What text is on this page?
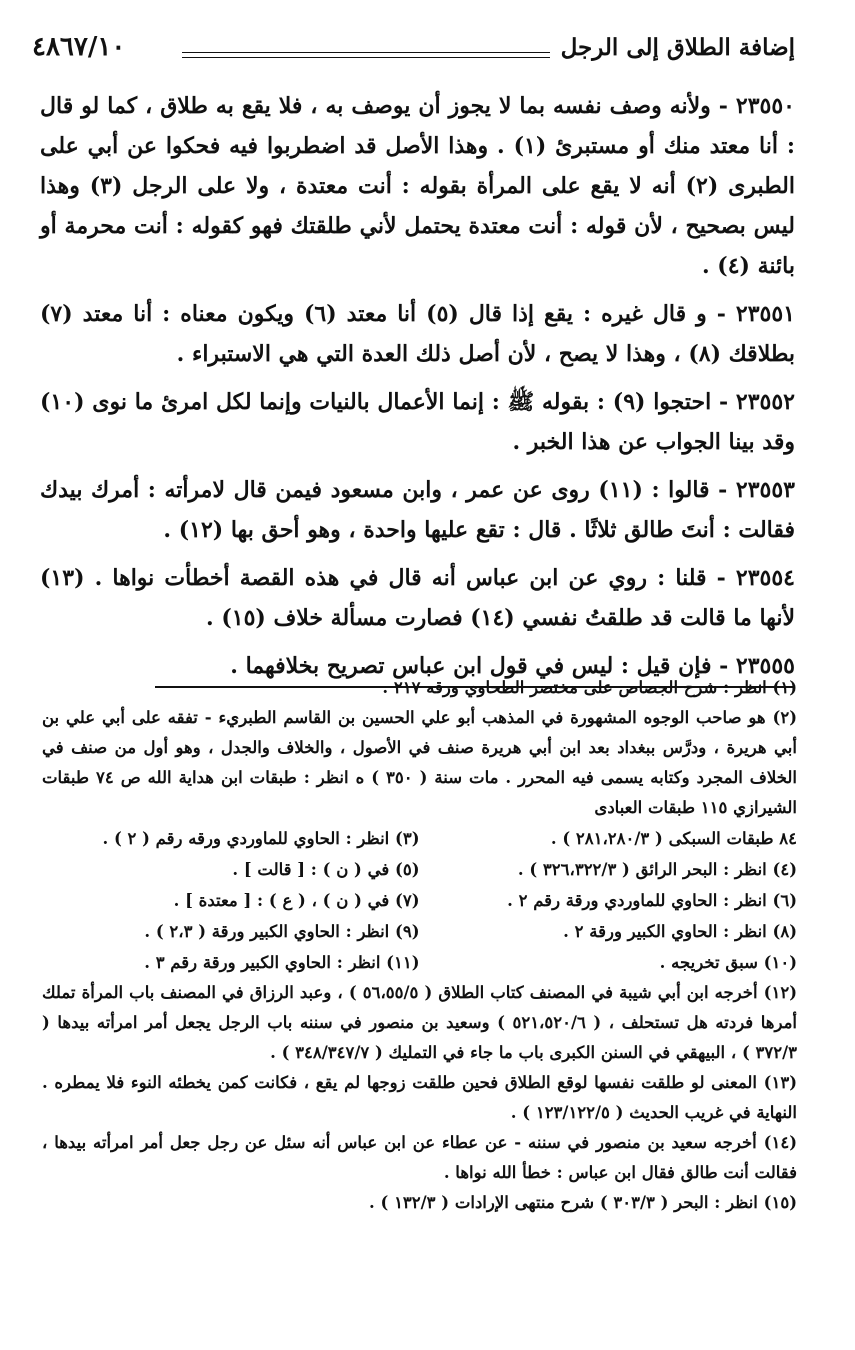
إضافة الطلاق إلى الرجل
٤٨٦٧/١٠

٢٣٥٥٠ - ولأنه وصف نفسه بما لا يجوز أن يوصف به ، فلا يقع به طلاق ، كما لو قال : أنا معتد منك أو مستبرئ (١) . وهذا الأصل قد اضطربوا فيه فحكوا عن أبي على الطبرى (٢) أنه لا يقع على المرأة بقوله : أنت معتدة ، ولا على الرجل (٣) وهذا ليس بصحيح ، لأن قوله : أنت معتدة يحتمل لأني طلقتك فهو كقوله : أنت محرمة أو بائنة (٤) .

٢٣٥٥١ - و قال غيره : يقع إذا قال (٥) أنا معتد (٦) ويكون معناه : أنا معتد (٧) بطلاقك (٨) ، وهذا لا يصح ، لأن أصل ذلك العدة التي هي الاستبراء .

٢٣٥٥٢ - احتجوا (٩) : بقوله ﷺ : إنما الأعمال بالنيات وإنما لكل امرئ ما نوى (١٠) وقد بينا الجواب عن هذا الخبر .

٢٣٥٥٣ - قالوا : (١١) روى عن عمر ، وابن مسعود فيمن قال لامرأته : أمرك بيدك فقالت : أنتَ طالق ثلاثًا . قال : تقع عليها واحدة ، وهو أحق بها (١٢) .

٢٣٥٥٤ - قلنا : روي عن ابن عباس أنه قال في هذه القصة أخطأت نواها . (١٣) لأنها ما قالت قد طلقتُ نفسي (١٤) فصارت مسألة خلاف (١٥) .

٢٣٥٥٥ - فإن قيل : ليس في قول ابن عباس تصريح بخلافهما .

(١) انظر : شرح الجصاص على مختصر الطحاوي ورقه ٢١٧ .

(٢) هو صاحب الوجوه المشهورة في المذهب أبو علي الحسين بن القاسم الطبريء - تفقه على أبي علي بن أبي هريرة ، ودرَّس ببغداد بعد ابن أبي هريرة صنف في الأصول ، والخلاف والجدل ، وهو أول من صنف في الخلاف المجرد وكتابه يسمى فيه المحرر . مات سنة ( ٣٥٠ ) ه انظر : طبقات ابن هداية الله ص ٧٤ طبقات الشيرازي ١١٥ طبقات العبادى

٨٤ طبقات السبكى ( ٢٨١،٢٨٠/٣ ) .
(٣) انظر : الحاوي للماوردي ورقه رقم ( ٢ ) .
(٤) انظر : البحر الرائق ( ٣٢٦،٣٢٢/٣ ) .
(٥) في ( ن ) : [ قالت ] .
(٦) انظر : الحاوي للماوردي ورقة رقم ٢ .
(٧) في ( ن ) ، ( ع ) : [ معتدة ] .
(٨) انظر : الحاوي الكبير ورقة ٢ .
(٩) انظر : الحاوي الكبير ورقة ( ٢،٣ ) .
(١٠) سبق تخريجه .
(١١) انظر : الحاوي الكبير ورقة رقم ٣ .

(١٢) أخرجه ابن أبي شيبة في المصنف كتاب الطلاق ( ٥٦،٥٥/٥ ) ، وعبد الرزاق في المصنف باب المرأة تملك أمرها فردته هل تستحلف ، ( ٥٢١،٥٢٠/٦ ) وسعيد بن منصور في سننه باب الرجل يجعل أمر امرأته بيدها ( ٣٧٢/٣ ) ، البيهقي في السنن الكبرى باب ما جاء في التمليك ( ٣٤٨/٣٤٧/٧ ) .

(١٣) المعنى لو طلقت نفسها لوقع الطلاق فحين طلقت زوجها لم يقع ، فكانت كمن يخطئه النوء فلا يمطره . النهاية في غريب الحديث ( ١٢٣/١٢٢/٥ ) .

(١٤) أخرجه سعيد بن منصور في سننه - عن عطاء عن ابن عباس أنه سئل عن رجل جعل أمر امرأته بيدها ، فقالت أنت طالق فقال ابن عباس : خطأ الله نواها .

(١٥) انظر : البحر ( ٣٠٣/٣ ) شرح منتهى الإرادات ( ١٣٢/٣ ) .
